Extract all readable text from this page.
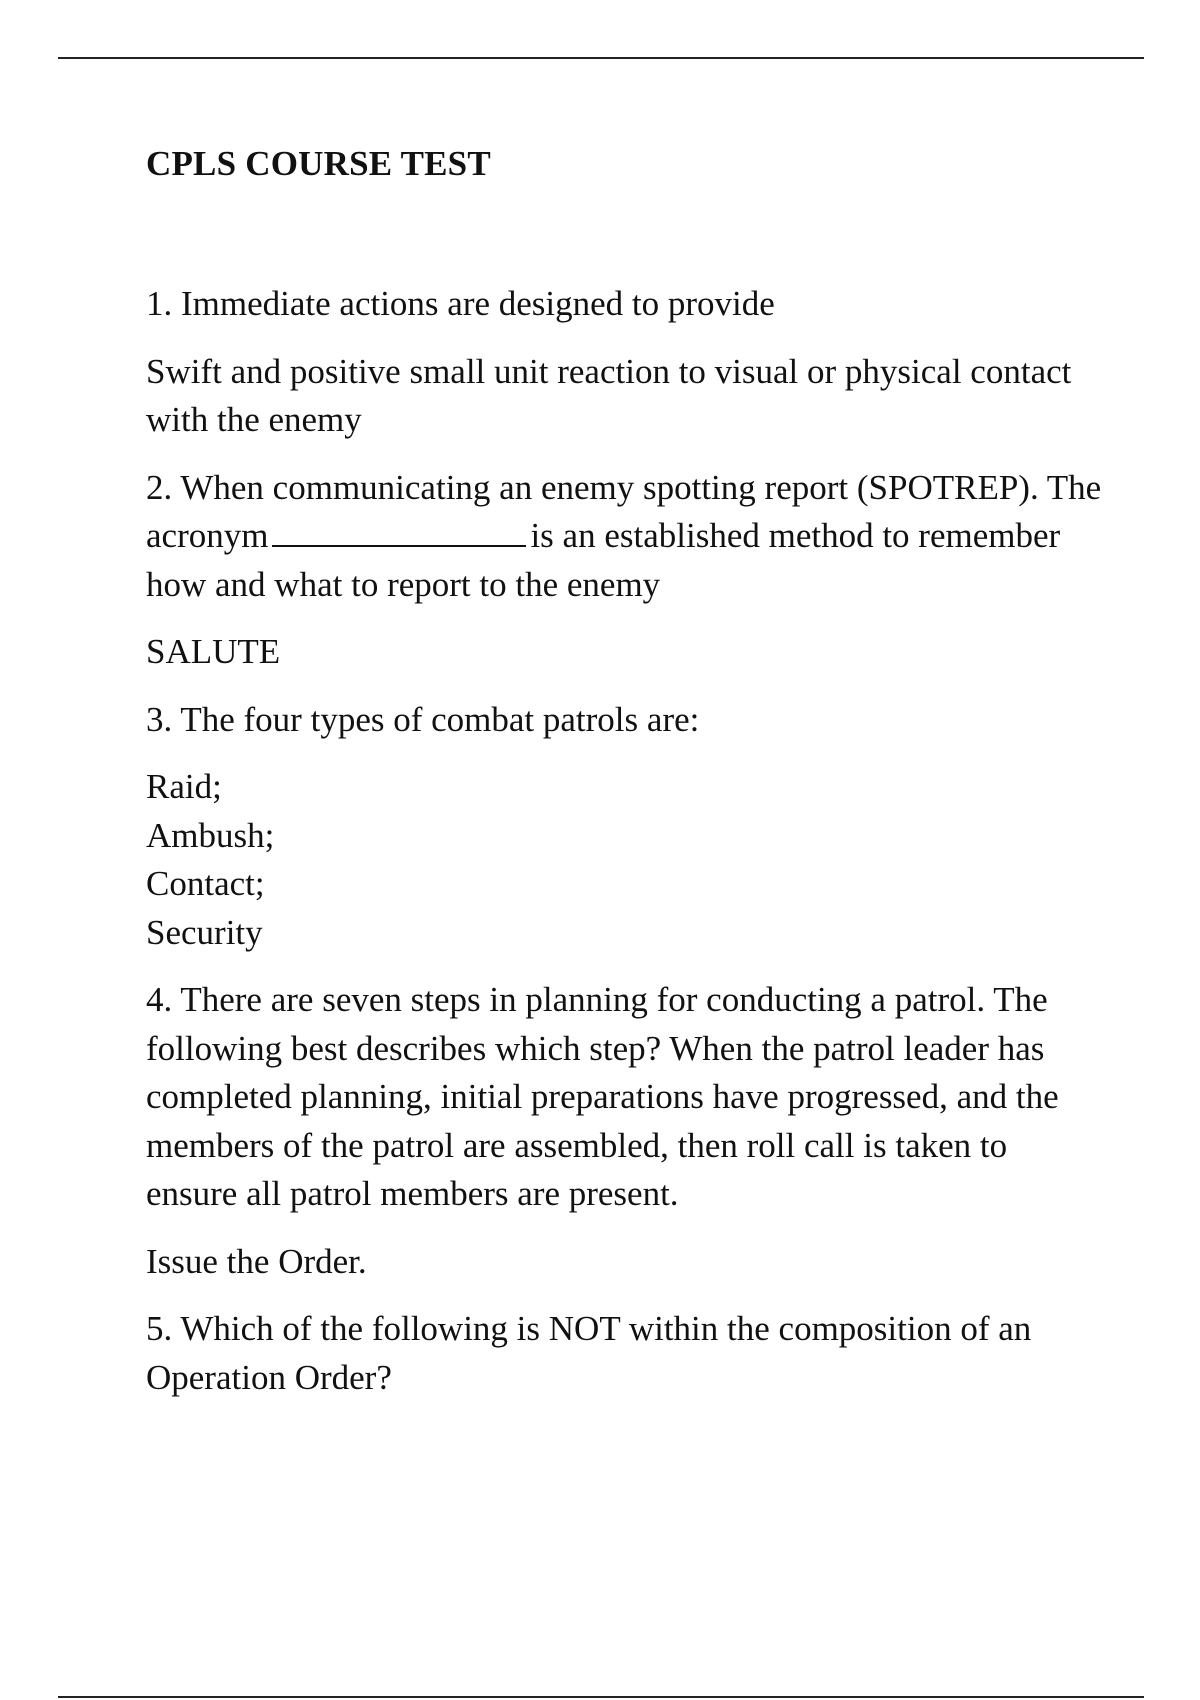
CPLS COURSE TEST

1. Immediate actions are designed to provide

Swift and positive small unit reaction to visual or physical contact with the enemy

2. When communicating an enemy spotting report (SPOTREP). The acronym	is an established method to remember how and what to report to the enemy

SALUTE

3. The four types of combat patrols are:

Raid;
Ambush;
Contact;
Security

4. There are seven steps in planning for conducting a patrol. The following best describes which step? When the patrol leader has completed planning, initial preparations have progressed, and the members of the patrol are assembled, then roll call is taken to ensure all patrol members are present.

Issue the Order.

5. Which of the following is NOT within the composition of an Operation Order?
